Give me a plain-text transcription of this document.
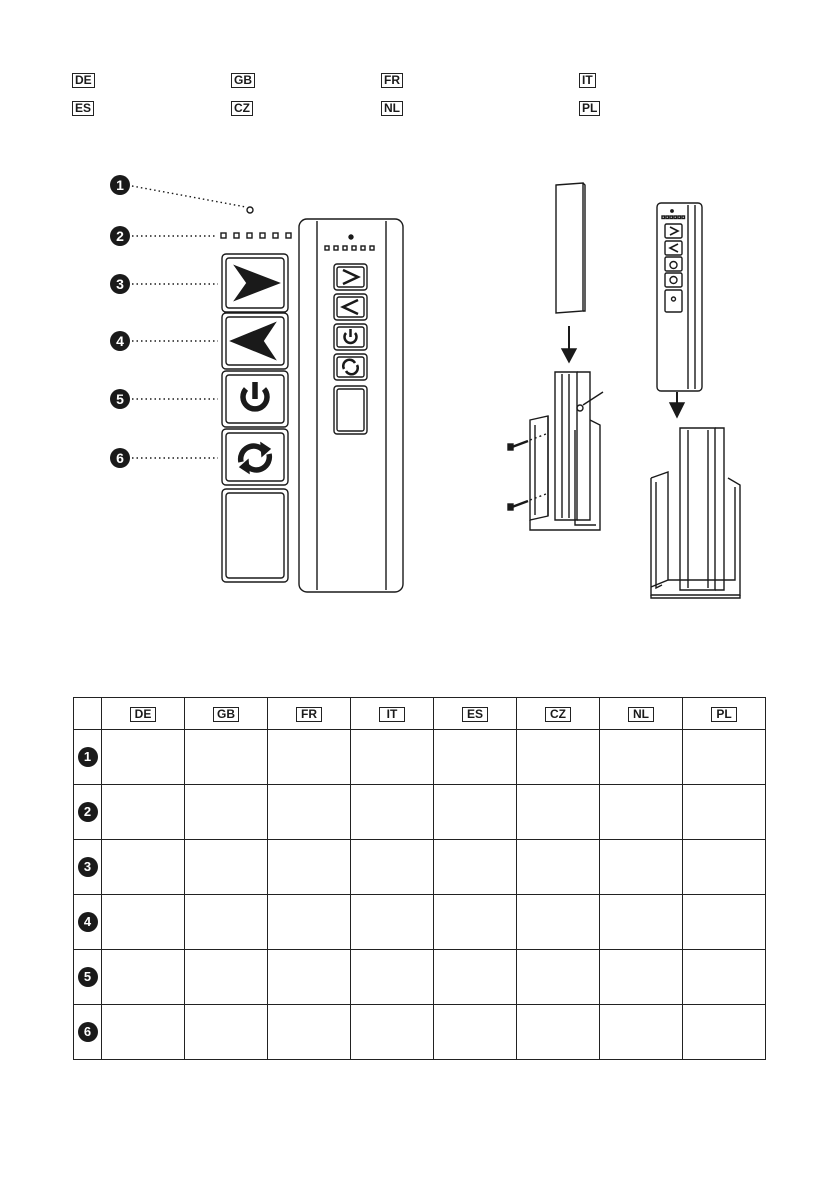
DE	GB	FR	IT
ES	CZ	NL	PL
1
2
3
4
5
6
	DE	GB	FR	IT	ES	CZ	NL	PL
1								
2								
3								
4								
5								
6								
